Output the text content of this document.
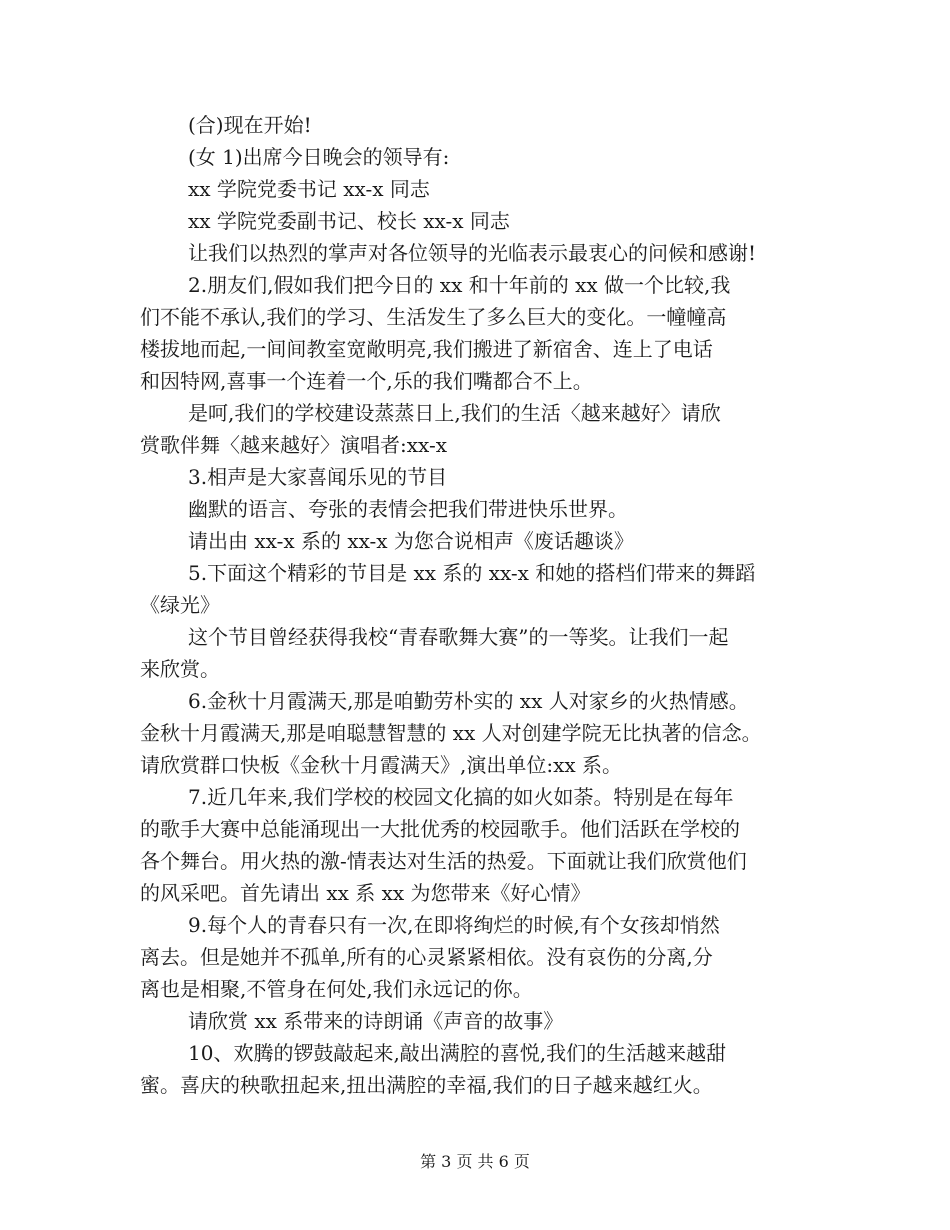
(合)现在开始!
(女 1)出席今日晚会的领导有:
xx 学院党委书记 xx-x 同志
xx 学院党委副书记、校长 xx-x 同志
让我们以热烈的掌声对各位领导的光临表示最衷心的问候和感谢!
2.朋友们,假如我们把今日的 xx 和十年前的 xx 做一个比较,我
们不能不承认,我们的学习、生活发生了多么巨大的变化。一幢幢高
楼拔地而起,一间间教室宽敞明亮,我们搬进了新宿舍、连上了电话
和因特网,喜事一个连着一个,乐的我们嘴都合不上。
是呵,我们的学校建设蒸蒸日上,我们的生活〈越来越好〉请欣
赏歌伴舞〈越来越好〉演唱者:xx-x
3.相声是大家喜闻乐见的节目
幽默的语言、夸张的表情会把我们带进快乐世界。
请出由 xx-x 系的 xx-x 为您合说相声《废话趣谈》
5.下面这个精彩的节目是 xx 系的 xx-x 和她的搭档们带来的舞蹈
《绿光》
这个节目曾经获得我校“青春歌舞大赛”的一等奖。让我们一起
来欣赏。
6.金秋十月霞满天,那是咱勤劳朴实的 xx 人对家乡的火热情感。
金秋十月霞满天,那是咱聪慧智慧的 xx 人对创建学院无比执著的信念。
请欣赏群口快板《金秋十月霞满天》,演出单位:xx 系。
7.近几年来,我们学校的校园文化搞的如火如荼。特别是在每年
的歌手大赛中总能涌现出一大批优秀的校园歌手。他们活跃在学校的
各个舞台。用火热的激-情表达对生活的热爱。下面就让我们欣赏他们
的风采吧。首先请出 xx 系 xx 为您带来《好心情》
9.每个人的青春只有一次,在即将绚烂的时候,有个女孩却悄然
离去。但是她并不孤单,所有的心灵紧紧相依。没有哀伤的分离,分
离也是相聚,不管身在何处,我们永远记的你。
请欣赏 xx 系带来的诗朗诵《声音的故事》
10、欢腾的锣鼓敲起来,敲出满腔的喜悦,我们的生活越来越甜
蜜。喜庆的秧歌扭起来,扭出满腔的幸福,我们的日子越来越红火。
第 3 页 共 6 页
